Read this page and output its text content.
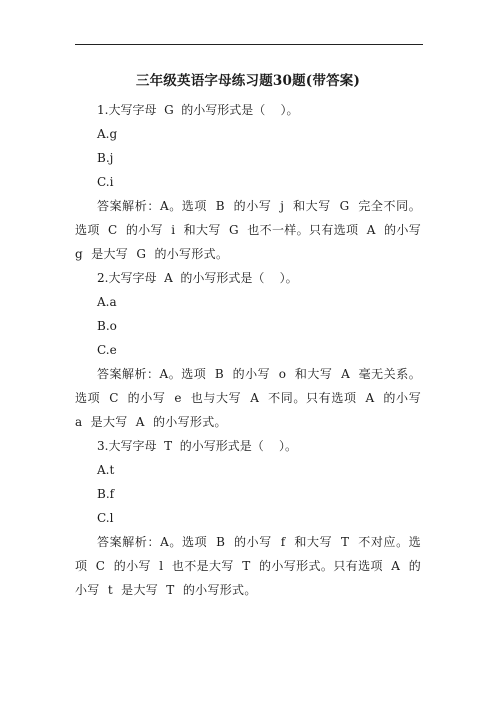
三年级英语字母练习题30题(带答案)
1.大写字母  G  的小写形式是（    ）。
A.g
B.j
C.i
答案解析：A。选项  B  的小写  j  和大写  G  完全不同。选项  C  的小写  i  和大写  G  也不一样。只有选项  A  的小写  g  是大写  G  的小写形式。
2.大写字母  A  的小写形式是（    ）。
A.a
B.o
C.e
答案解析：A。选项  B  的小写  o  和大写  A  毫无关系。选项  C  的小写  e  也与大写  A  不同。只有选项  A  的小写  a  是大写  A  的小写形式。
3.大写字母  T  的小写形式是（    ）。
A.t
B.f
C.l
答案解析：A。选项  B  的小写  f  和大写  T  不对应。选项  C  的小写  l  也不是大写  T  的小写形式。只有选项  A  的小写  t  是大写  T  的小写形式。
